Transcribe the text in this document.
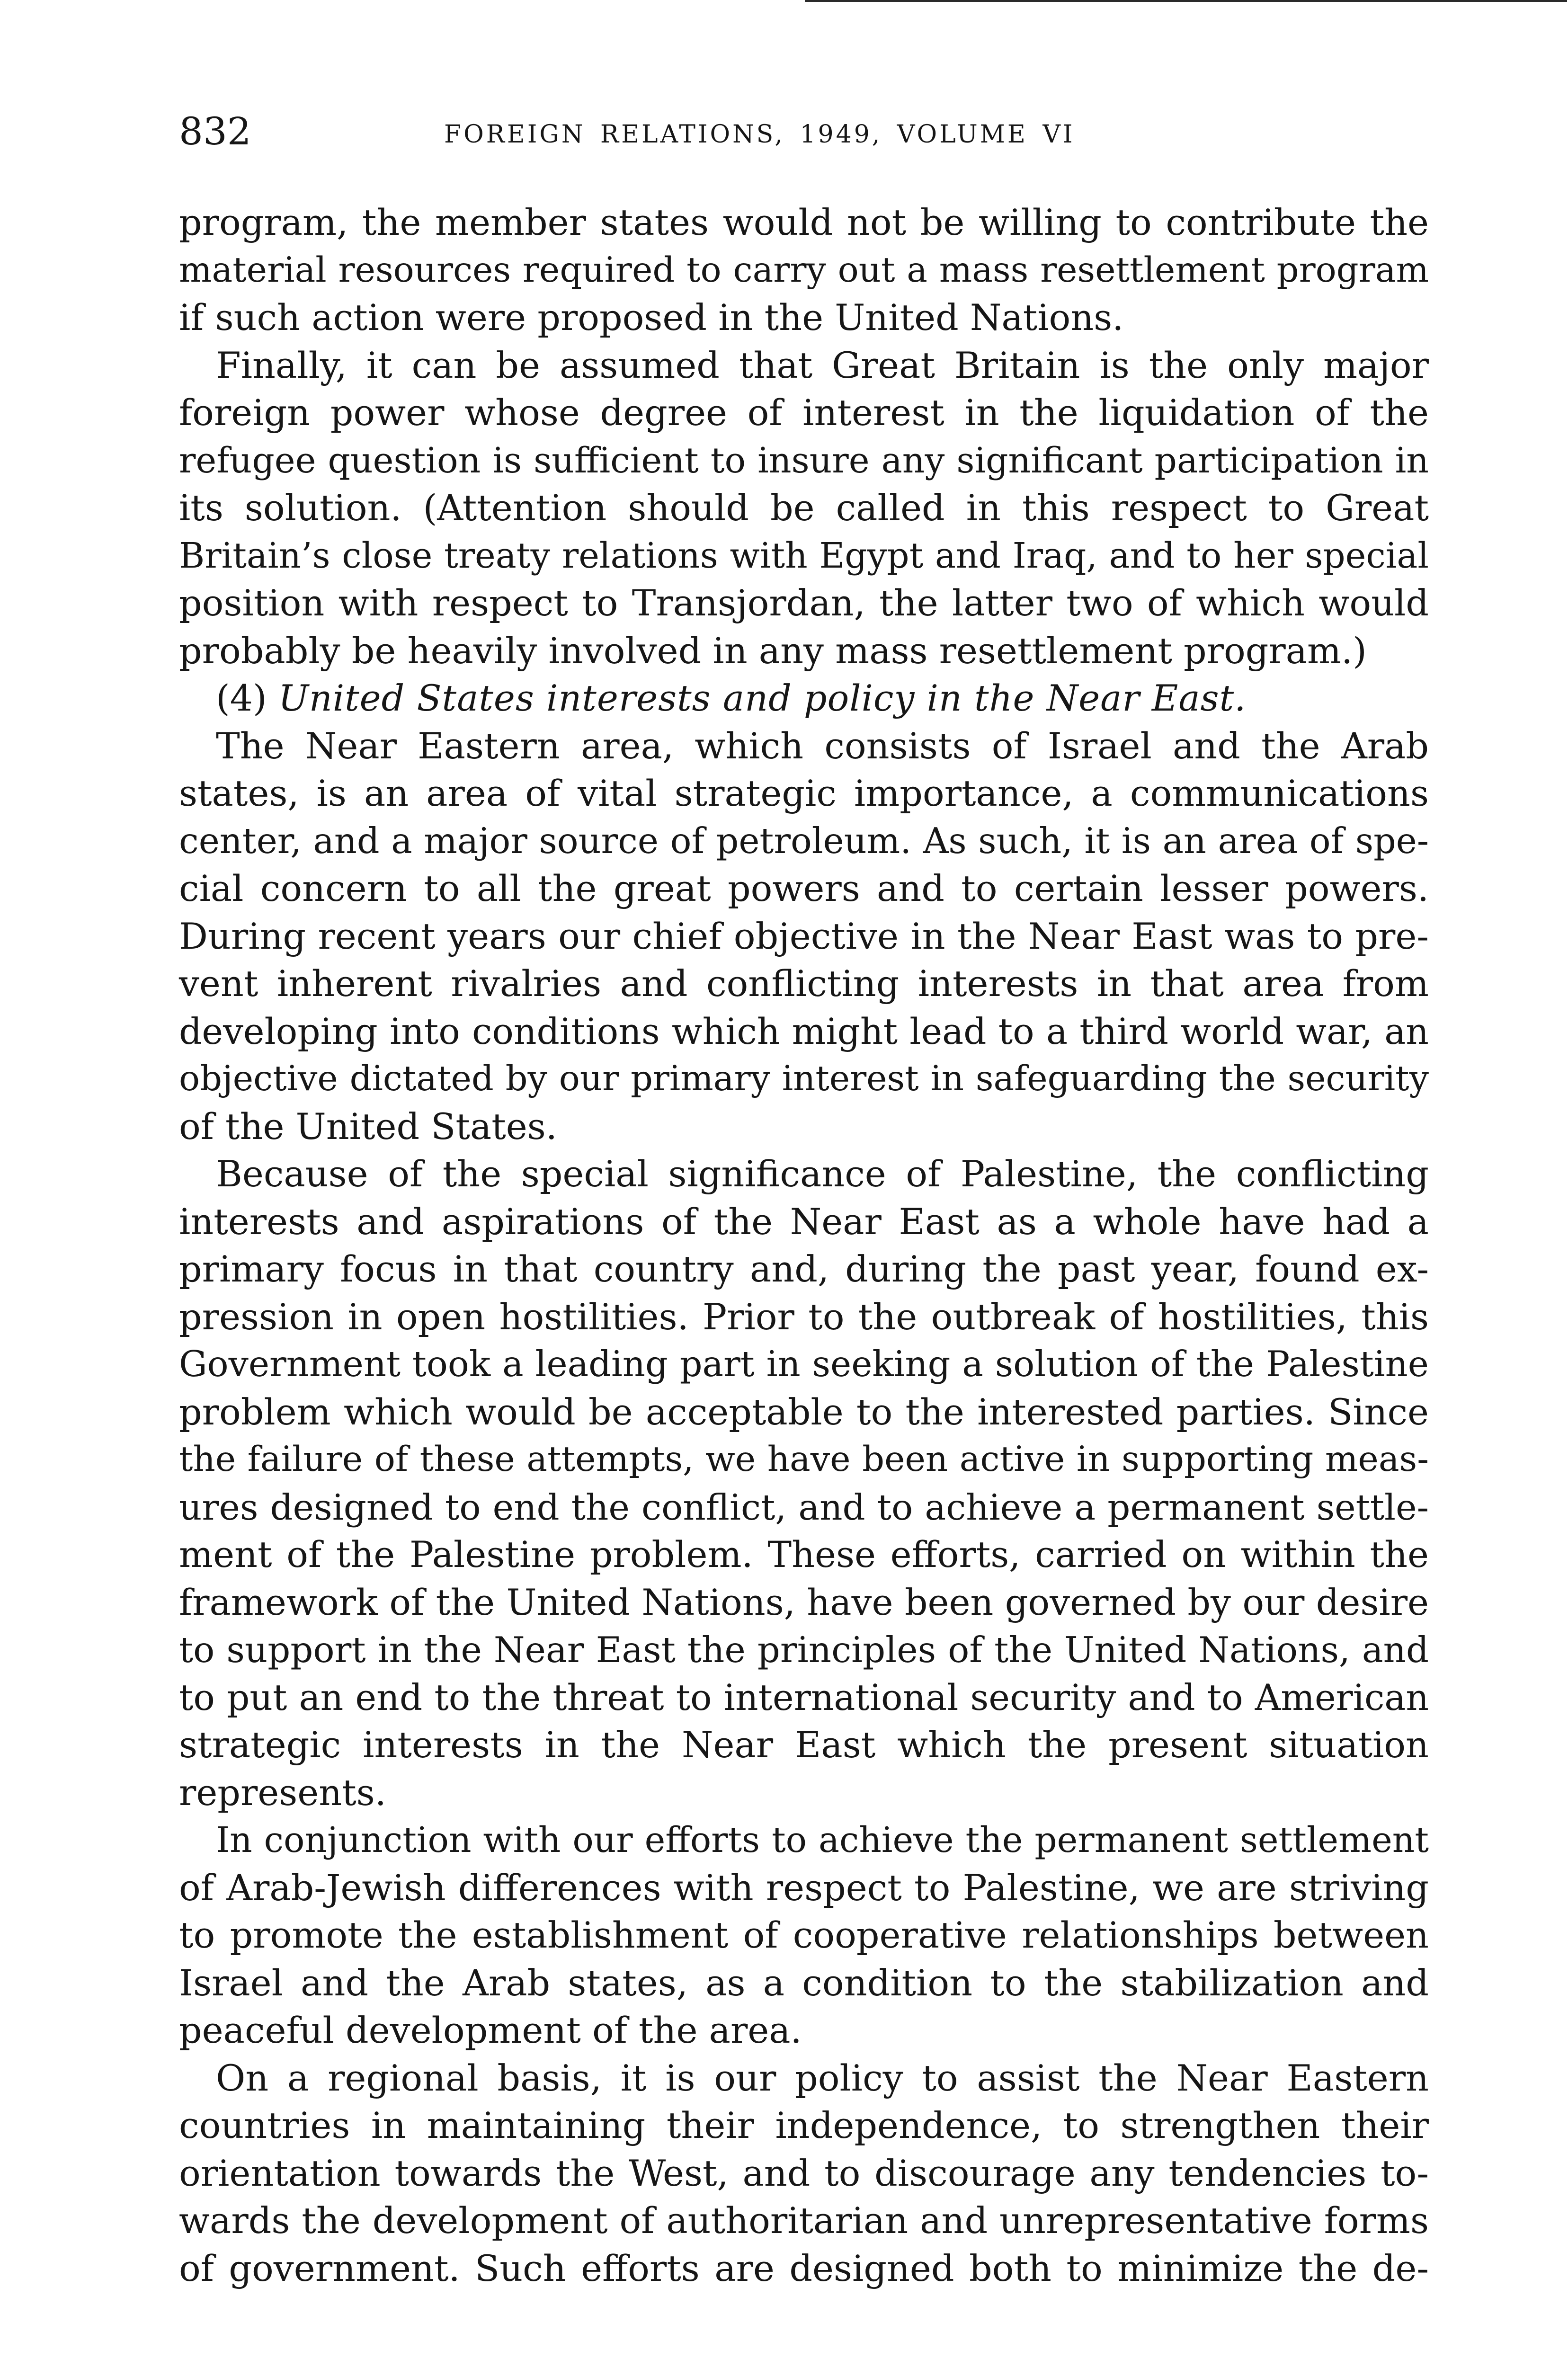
832	FOREIGN RELATIONS, 1949, VOLUME VI
program, the member states would not be willing to contribute the
material resources required to carry out a mass resettlement program
if such action were proposed in the United Nations.
Finally, it can be assumed that Great Britain is the only major
foreign power whose degree of interest in the liquidation of the
refugee question is sufficient to insure any significant participation in
its solution. (Attention should be called in this respect to Great
Britain’s close treaty relations with Egypt and Iraq, and to her special
position with respect to Transjordan, the latter two of which would
probably be heavily involved in any mass resettlement program.)
(4) United States interests and policy in the Near East.
The Near Eastern area, which consists of Israel and the Arab
states, is an area of vital strategic importance, a communications
center, and a major source of petroleum. As such, it is an area of spe-
cial concern to all the great powers and to certain lesser powers.
During recent years our chief objective in the Near East was to pre-
vent inherent rivalries and conflicting interests in that area from
developing into conditions which might lead to a third world war, an
objective dictated by our primary interest in safeguarding the security
of the United States.
Because of the special significance of Palestine, the conflicting
interests and aspirations of the Near East as a whole have had a
primary focus in that country and, during the past year, found ex-
pression in open hostilities. Prior to the outbreak of hostilities, this
Government took a leading part in seeking a solution of the Palestine
problem which would be acceptable to the interested parties. Since
the failure of these attempts, we have been active in supporting meas-
ures designed to end the conflict, and to achieve a permanent settle-
ment of the Palestine problem. These efforts, carried on within the
framework of the United Nations, have been governed by our desire
to support in the Near East the principles of the United Nations, and
to put an end to the threat to international security and to American
strategic interests in the Near East which the present situation
represents.
In conjunction with our efforts to achieve the permanent settlement
of Arab-Jewish differences with respect to Palestine, we are striving
to promote the establishment of cooperative relationships between
Israel and the Arab states, as a condition to the stabilization and
peaceful development of the area.
On a regional basis, it is our policy to assist the Near Eastern
countries in maintaining their independence, to strengthen their
orientation towards the West, and to discourage any tendencies to-
wards the development of authoritarian and unrepresentative forms
of government. Such efforts are designed both to minimize the de-
